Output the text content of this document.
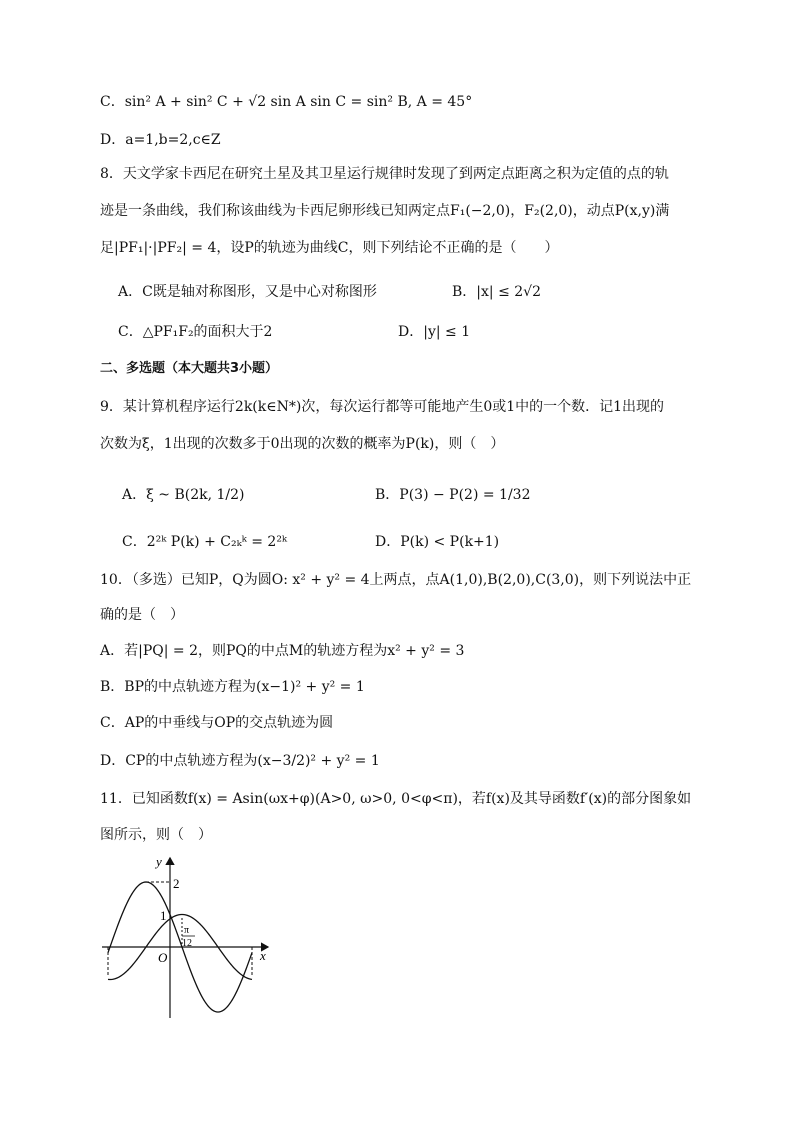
C．sin² A + sin² C + √2 sin A sin C = sin² B, A = 45°
D．a=1,b=2,c∈Z
8．天文学家卡西尼在研究土星及其卫星运行规律时发现了到两定点距离之积为定值的点的轨
迹是一条曲线，我们称该曲线为卡西尼卵形线已知两定点F₁(−2,0)，F₂(2,0)，动点P(x,y)满
足|PF₁|·|PF₂| = 4，设P的轨迹为曲线C，则下列结论不正确的是（　　）
A．C既是轴对称图形，又是中心对称图形	B．|x| ≤ 2√2
C．△PF₁F₂的面积大于2	D．|y| ≤ 1
二、多选题（本大题共3小题）
9．某计算机程序运行2k(k∈N*)次，每次运行都等可能地产生0或1中的一个数．记1出现的
次数为ξ，1出现的次数多于0出现的次数的概率为P(k)，则（　）
A．ξ ~ B(2k, 1/2)	B．P(3) − P(2) = 1/32
C．2²ᵏ P(k) + C₂ₖᵏ = 2²ᵏ	D．P(k) < P(k+1)
10．（多选）已知P，Q为圆O: x² + y² = 4上两点，点A(1,0),B(2,0),C(3,0)，则下列说法中正
确的是（　）
A．若|PQ| = 2，则PQ的中点M的轨迹方程为x² + y² = 3
B．BP的中点轨迹方程为(x−1)² + y² = 1
C．AP的中垂线与OP的交点轨迹为圆
D．CP的中点轨迹方程为(x−3/2)² + y² = 1
11．已知函数f(x) = Asin(ωx+φ)(A>0, ω>0, 0<φ<π)，若f(x)及其导函数f′(x)的部分图象如
图所示，则（　）
y
x
O
2
1
π
12
